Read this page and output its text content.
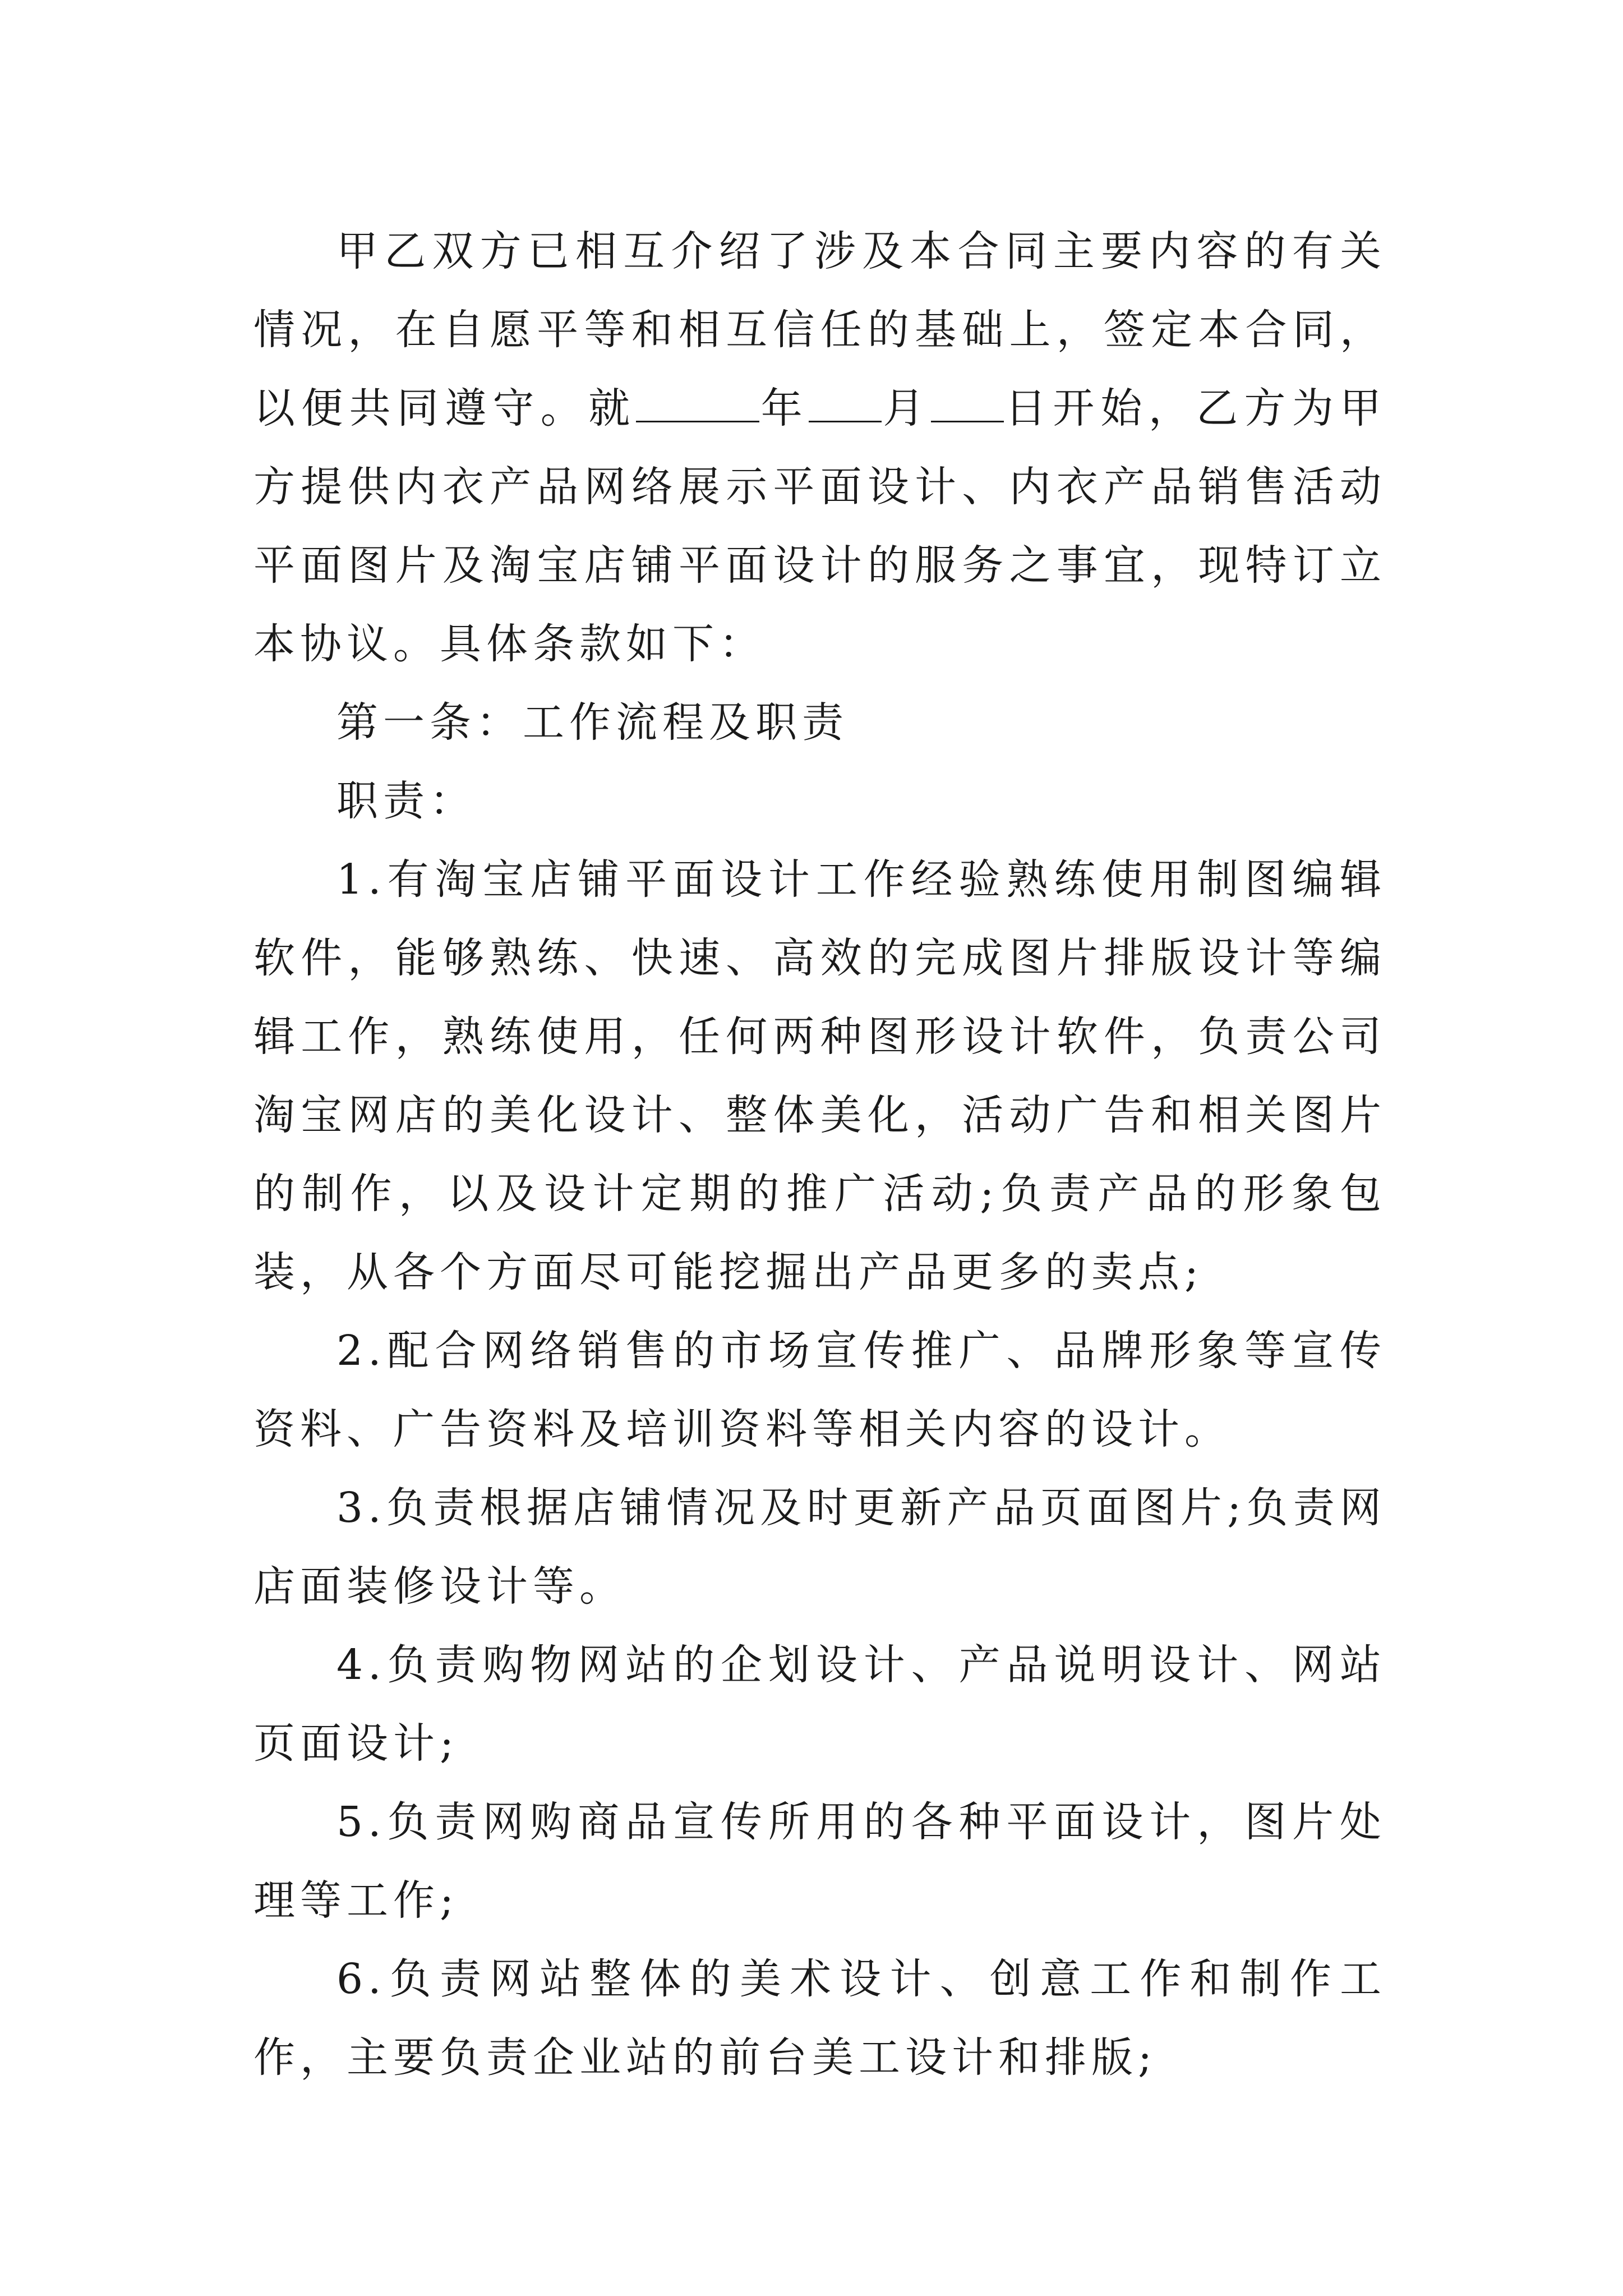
甲乙双方已相互介绍了涉及本合同主要内容的有关情况，在自愿平等和相互信任的基础上，签定本合同，以便共同遵守。就	年 月 日开始，乙方为甲方提供内衣产品网络展示平面设计、内衣产品销售活动平面图片及淘宝店铺平面设计的服务之事宜，现特订立本协议。具体条款如下：

第一条：工作流程及职责

职责：

1.有淘宝店铺平面设计工作经验熟练使用制图编辑软件，能够熟练、快速、高效的完成图片排版设计等编辑工作，熟练使用，任何两种图形设计软件，负责公司淘宝网店的美化设计、整体美化，活动广告和相关图片的制作，以及设计定期的推广活动;负责产品的形象包装，从各个方面尽可能挖掘出产品更多的卖点;

2.配合网络销售的市场宣传推广、品牌形象等宣传资料、广告资料及培训资料等相关内容的设计。

3.负责根据店铺情况及时更新产品页面图片;负责网店面装修设计等。

4.负责购物网站的企划设计、产品说明设计、网站页面设计;

5.负责网购商品宣传所用的各种平面设计，图片处理等工作;

6.负责网站整体的美术设计、创意工作和制作工作，主要负责企业站的前台美工设计和排版;
